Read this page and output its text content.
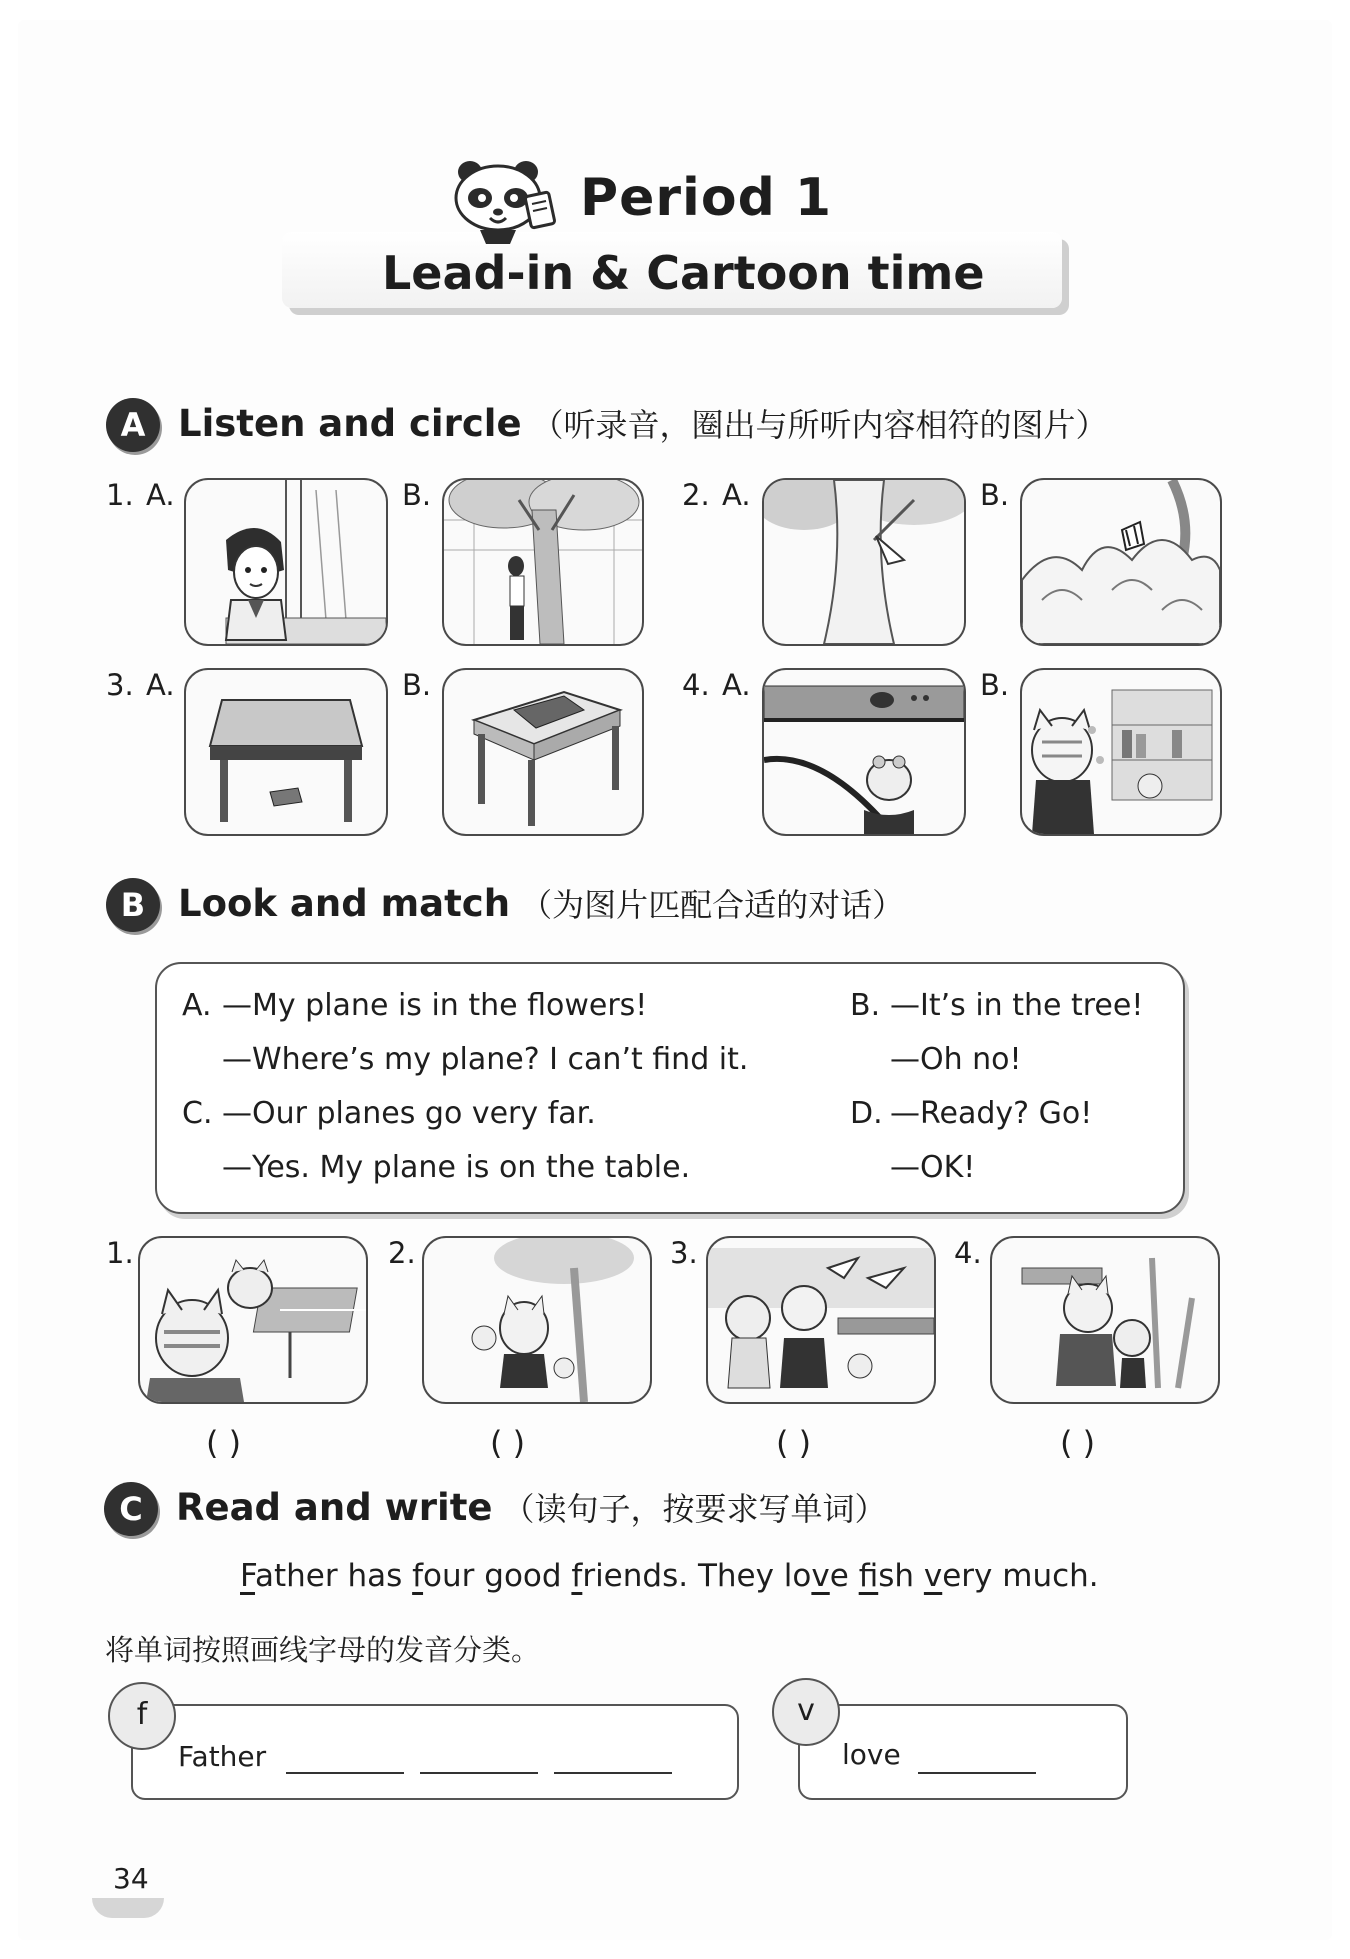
Period 1
Lead-in & Cartoon time
A Listen and circle （听录音，圈出与所听内容相符的图片）
1. A.	B.	2. A.	B.
3. A.	B.	4. A.	B.
B Look and match （为图片匹配合适的对话）
A. —My plane is in the flowers!
—Where’s my plane? I can’t find it.
B. —It’s in the tree!
—Oh no!
C. —Our planes go very far.
—Yes. My plane is on the table.
D. —Ready? Go!
—OK!
1.
( )
2.
( )
3.
( )
4.
( )
C Read and write （读句子，按要求写单词）
Father has four good friends. They love fish very much.
将单词按照画线字母的发音分类。
f
Father
v
love
34
